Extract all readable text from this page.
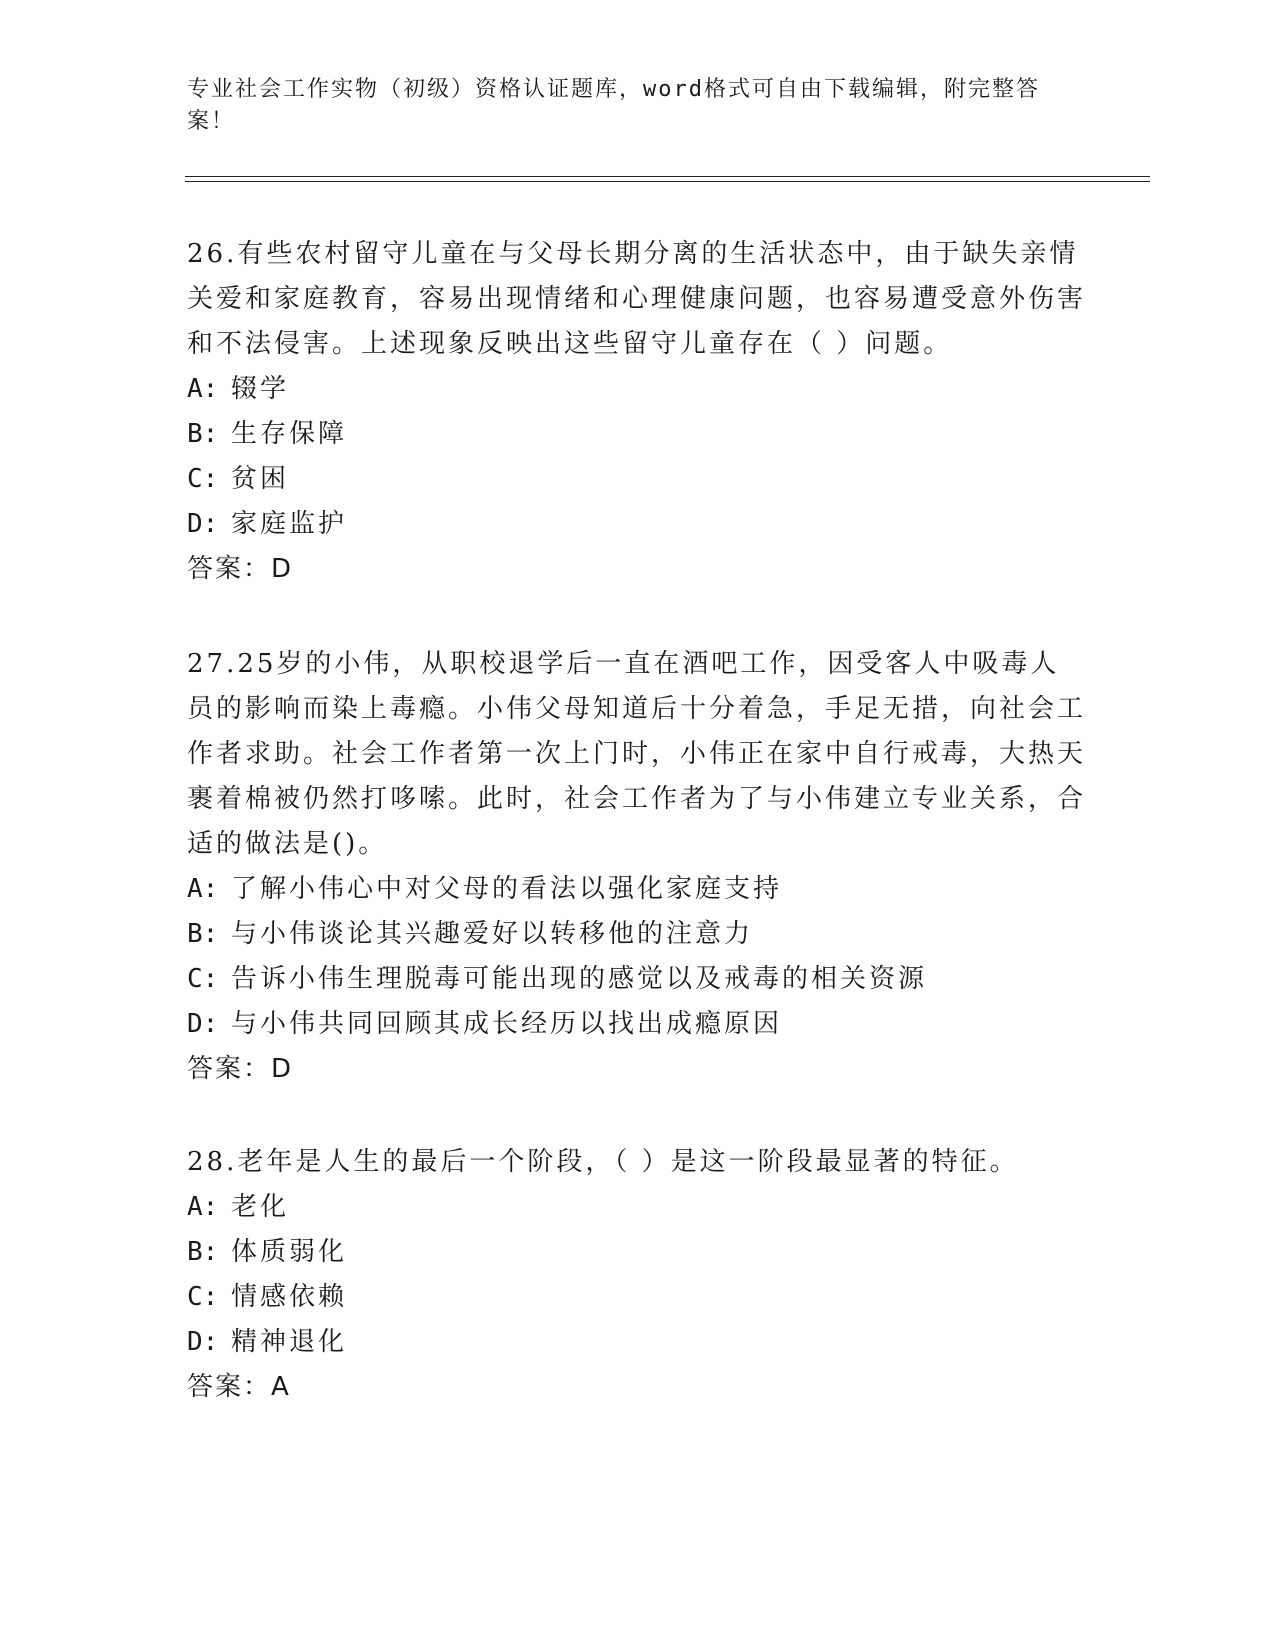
专业社会工作实物（初级）资格认证题库，word格式可自由下载编辑，附完整答
案！

26.有些农村留守儿童在与父母长期分离的生活状态中，由于缺失亲情关爱和家庭教育，容易出现情绪和心理健康问题，也容易遭受意外伤害和不法侵害。上述现象反映出这些留守儿童存在（ ）问题。

A: 辍学

B: 生存保障

C: 贫困

D: 家庭监护

答案：D

27.25岁的小伟，从职校退学后一直在酒吧工作，因受客人中吸毒人员的影响而染上毒瘾。小伟父母知道后十分着急，手足无措，向社会工作者求助。社会工作者第一次上门时，小伟正在家中自行戒毒，大热天裹着棉被仍然打哆嗦。此时，社会工作者为了与小伟建立专业关系，合适的做法是()。

A: 了解小伟心中对父母的看法以强化家庭支持

B: 与小伟谈论其兴趣爱好以转移他的注意力

C: 告诉小伟生理脱毒可能出现的感觉以及戒毒的相关资源

D: 与小伟共同回顾其成长经历以找出成瘾原因

答案：D

28.老年是人生的最后一个阶段，（ ）是这一阶段最显著的特征。

A: 老化

B: 体质弱化

C: 情感依赖

D: 精神退化

答案：A
